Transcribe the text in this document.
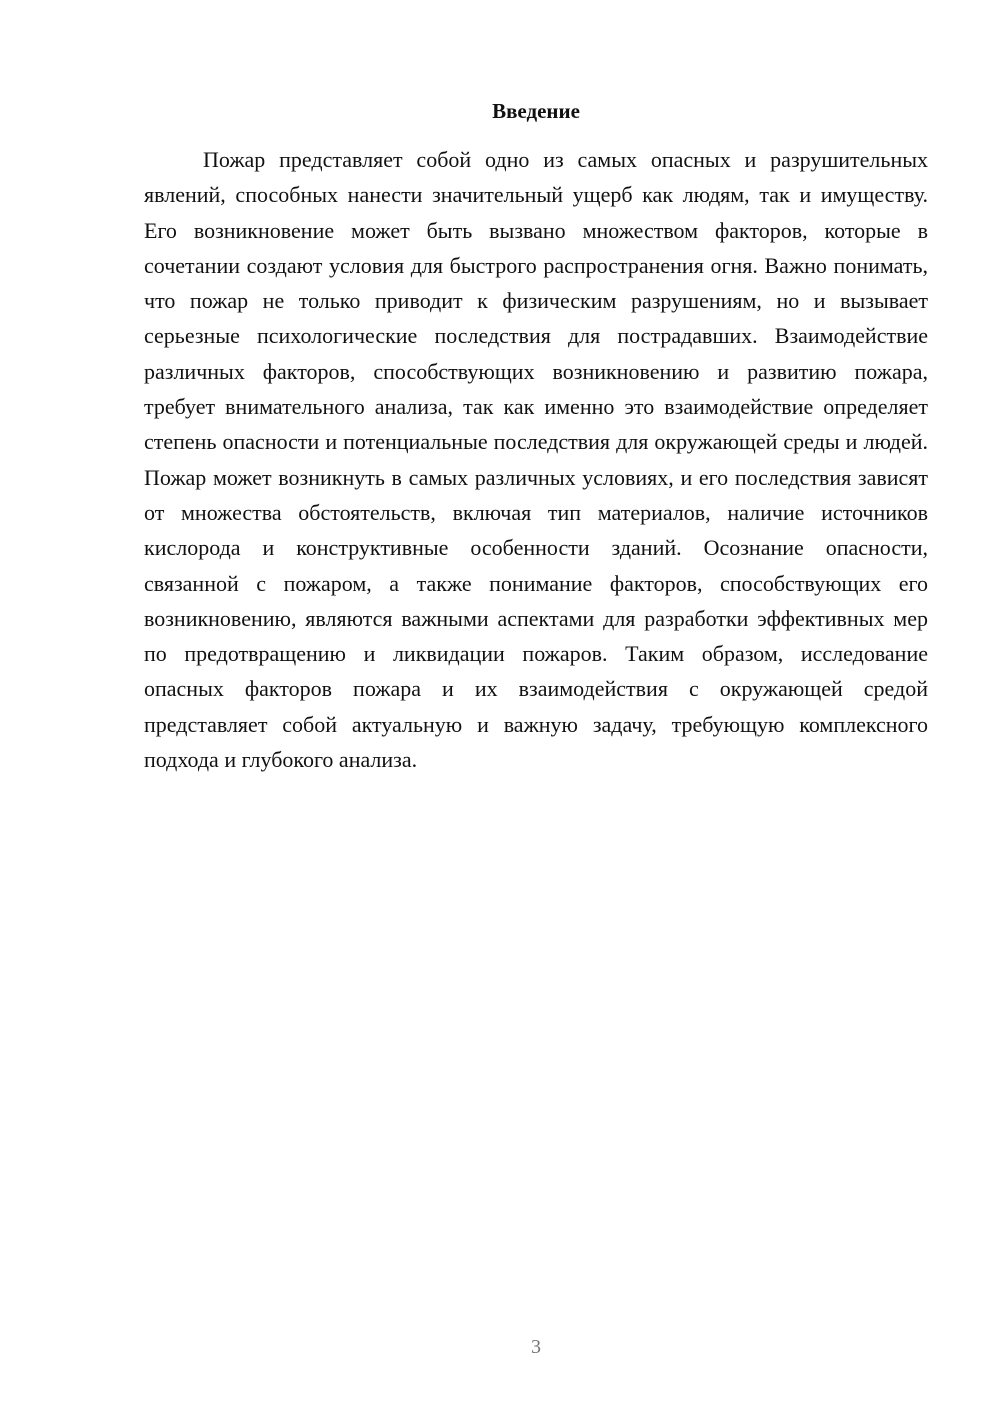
Введение

Пожар представляет собой одно из самых опасных и разрушительных явлений, способных нанести значительный ущерб как людям, так и имуществу. Его возникновение может быть вызвано множеством факторов, которые в сочетании создают условия для быстрого распространения огня. Важно понимать, что пожар не только приводит к физическим разрушениям, но и вызывает серьезные психологические последствия для пострадавших. Взаимодействие различных факторов, способствующих возникновению и развитию пожара, требует внимательного анализа, так как именно это взаимодействие определяет степень опасности и потенциальные последствия для окружающей среды и людей. Пожар может возникнуть в самых различных условиях, и его последствия зависят от множества обстоятельств, включая тип материалов, наличие источников кислорода и конструктивные особенности зданий. Осознание опасности, связанной с пожаром, а также понимание факторов, способствующих его возникновению, являются важными аспектами для разработки эффективных мер по предотвращению и ликвидации пожаров. Таким образом, исследование опасных факторов пожара и их взаимодействия с окружающей средой представляет собой актуальную и важную задачу, требующую комплексного подхода и глубокого анализа.

3
